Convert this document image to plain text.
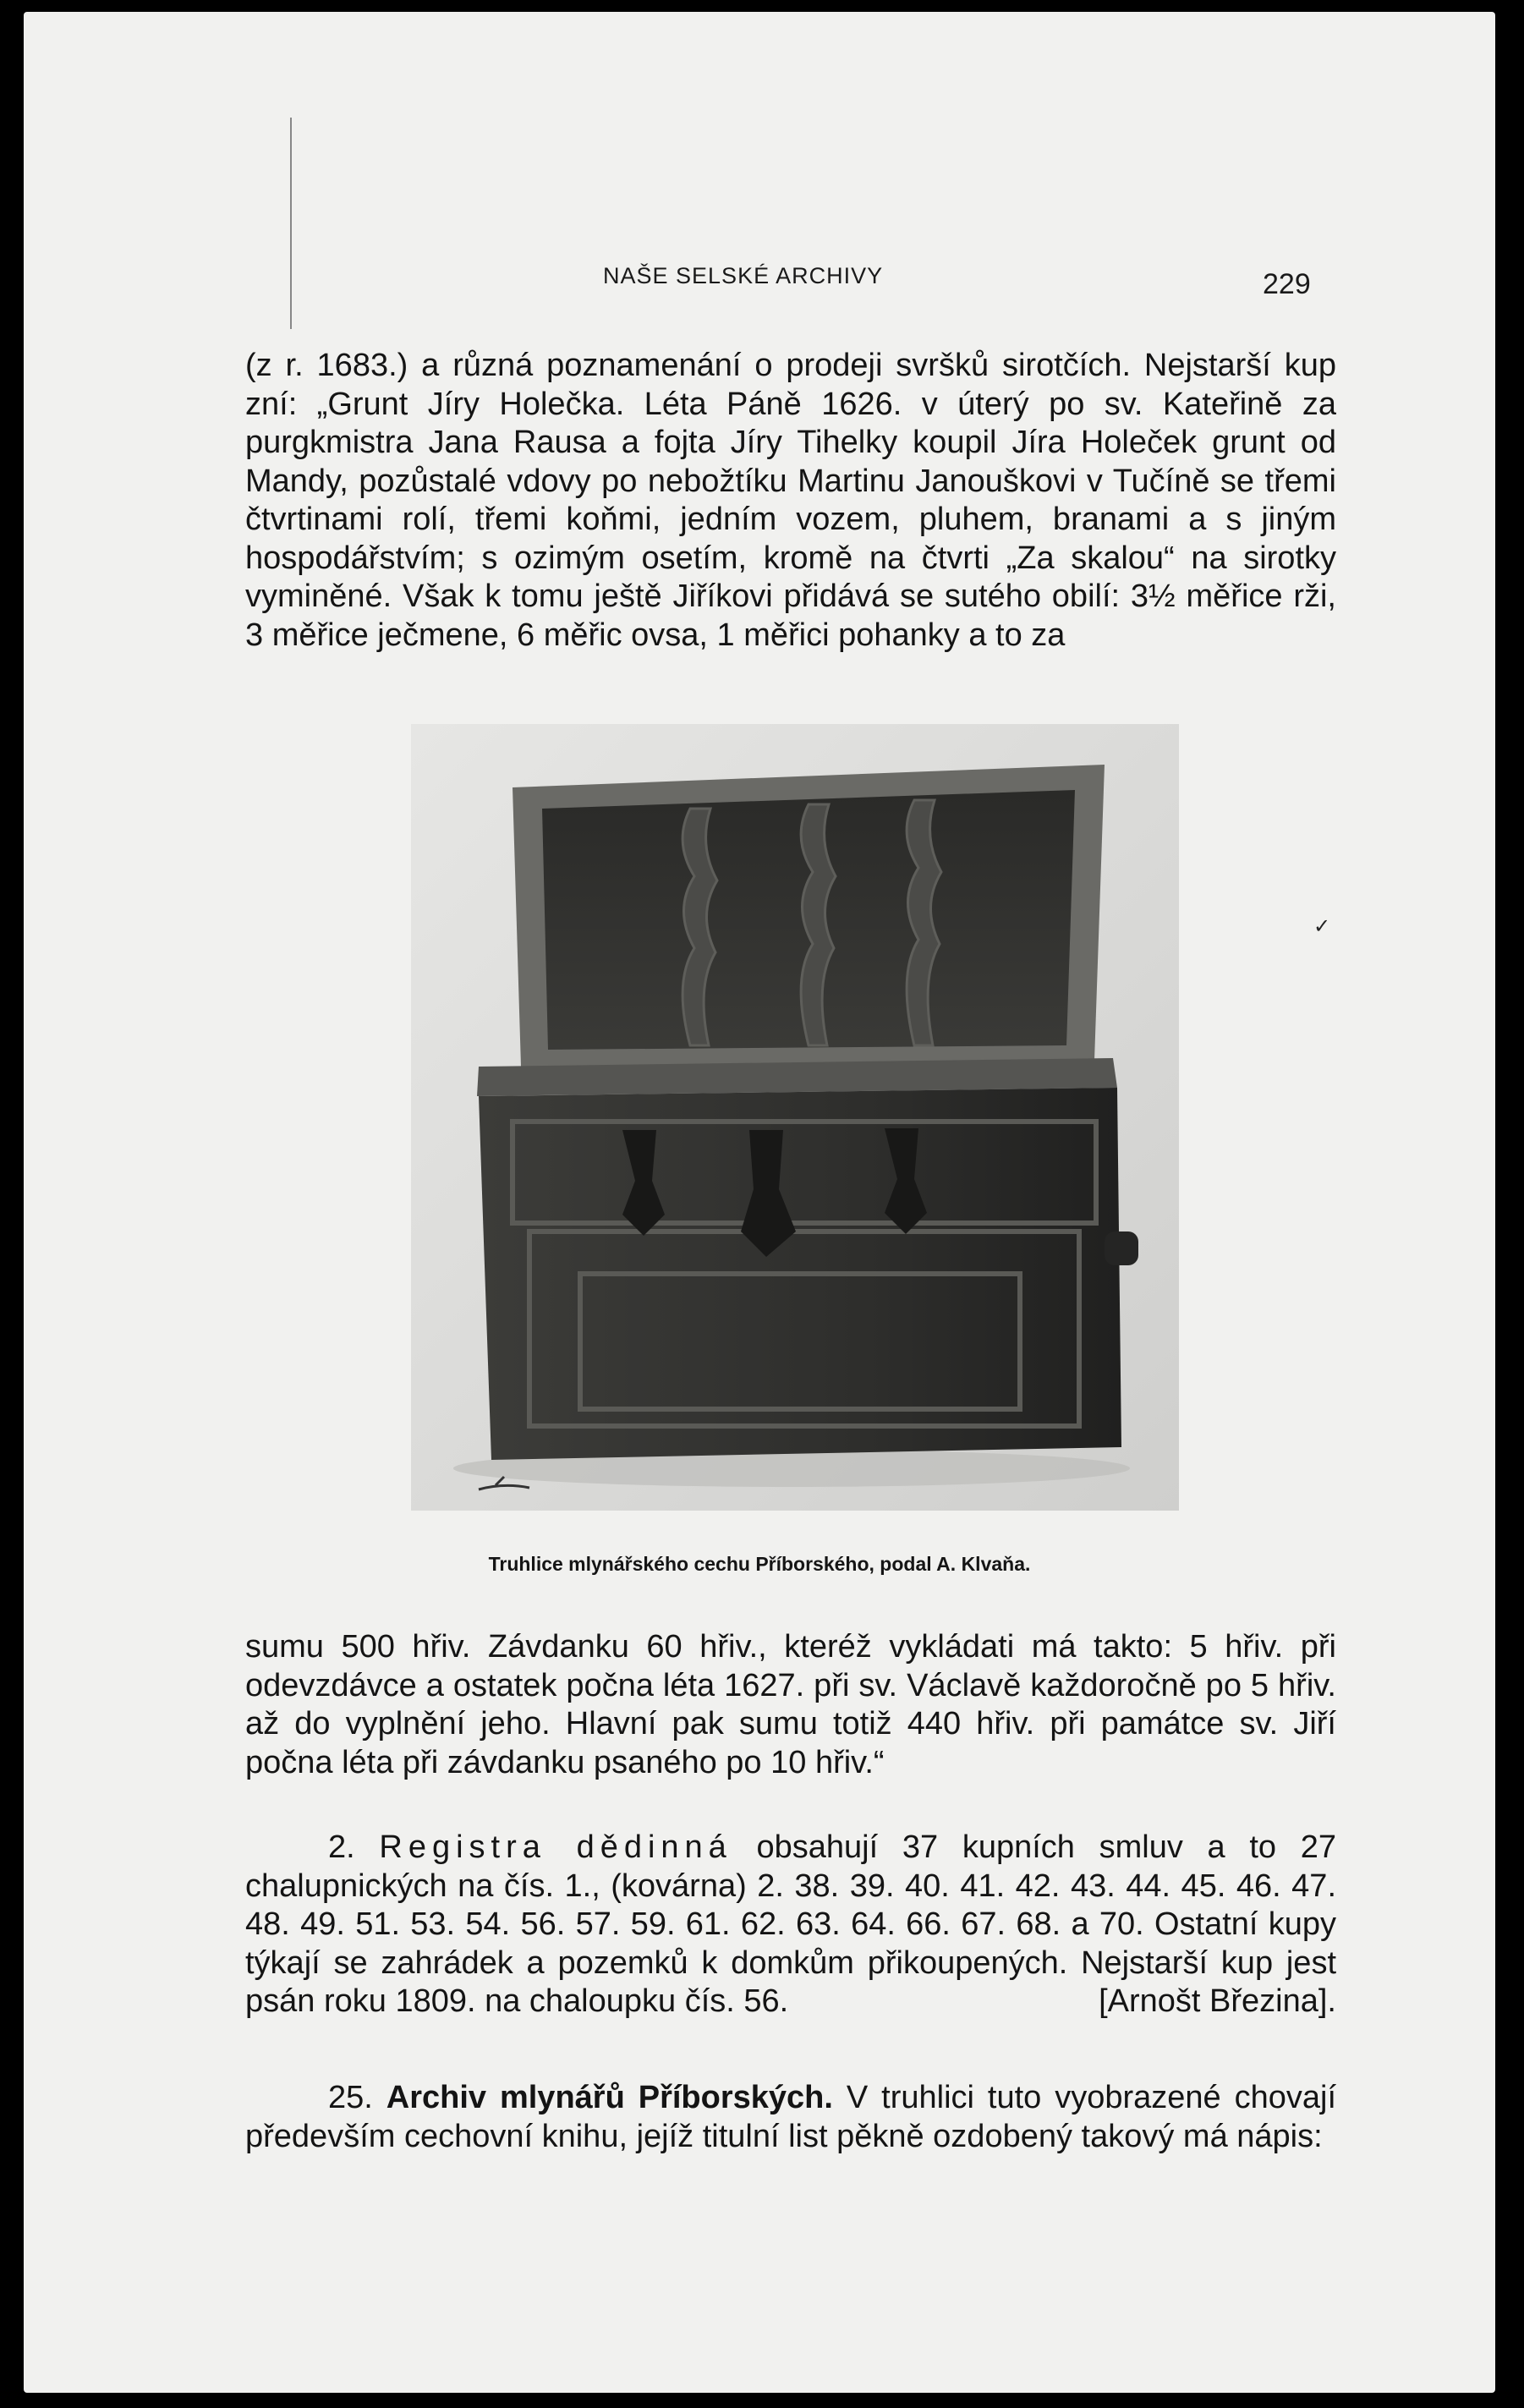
NAŠE SELSKÉ ARCHIVY	229

(z r. 1683.) a různá poznamenání o prodeji svršků sirotčích. Nejstarší kup zní: „Grunt Jíry Holečka. Léta Páně 1626. v úterý po sv. Kateřině za purgkmistra Jana Rausa a fojta Jíry Tihelky koupil Jíra Holeček grunt od Mandy, pozůstalé vdovy po nebožtíku Martinu Janouškovi v Tučíně se třemi čtvrtinami rolí, třemi koňmi, jedním vozem, pluhem, branami a s jiným hospodářstvím; s ozimým osetím, kromě na čtvrti „Za skalou“ na sirotky vyminěné. Však k tomu ještě Jiříkovi přidává se sutého obilí: 3½ měřice rži, 3 měřice ječmene, 6 měřic ovsa, 1 měřici pohanky a to za

Truhlice mlynářského cechu Příborského, podal A. Klvaňa.
✓

sumu 500 hřiv. Závdanku 60 hřiv., kteréž vykládati má takto: 5 hřiv. při odevzdávce a ostatek počna léta 1627. při sv. Václavě každoročně po 5 hřiv. až do vyplnění jeho. Hlavní pak sumu totiž 440 hřiv. při památce sv. Jiří počna léta při závdanku psaného po 10 hřiv.“

2. Registra dědinná obsahují 37 kupních smluv a to 27 chalupnických na čís. 1., (kovárna) 2. 38. 39. 40. 41. 42. 43. 44. 45. 46. 47. 48. 49. 51. 53. 54. 56. 57. 59. 61. 62. 63. 64. 66. 67. 68. a 70. Ostatní kupy týkají se zahrádek a pozemků k domkům přikoupených. Nejstarší kup jest psán roku 1809. na chaloupku čís. 56.	[Arnošt Březina].

25. Archiv mlynářů Příborských. V truhlici tuto vyobrazené chovají především cechovní knihu, jejíž titulní list pěkně ozdobený takový má nápis:
